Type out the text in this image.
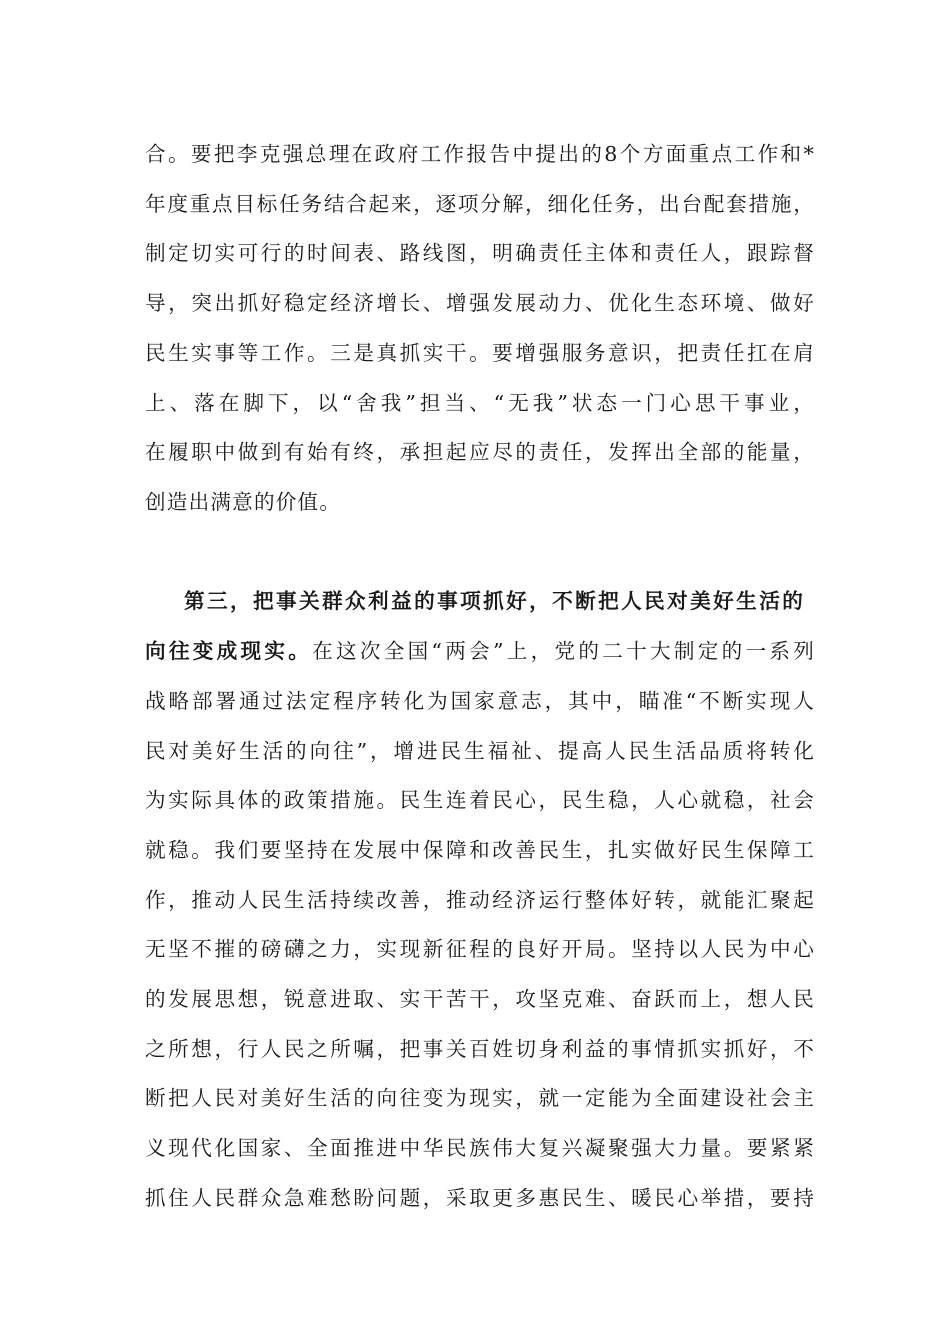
合。要把李克强总理在政府工作报告中提出的8个方面重点工作和*
年度重点目标任务结合起来，逐项分解，细化任务，出台配套措施，
制定切实可行的时间表、路线图，明确责任主体和责任人，跟踪督
导，突出抓好稳定经济增长、增强发展动力、优化生态环境、做好
民生实事等工作。三是真抓实干。要增强服务意识，把责任扛在肩
上、落在脚下，以“舍我”担当、“无我”状态一门心思干事业，
在履职中做到有始有终，承担起应尽的责任，发挥出全部的能量，
创造出满意的价值。
第三，把事关群众利益的事项抓好，不断把人民对美好生活的
向往变成现实。在这次全国“两会”上，党的二十大制定的一系列
战略部署通过法定程序转化为国家意志，其中，瞄准“不断实现人
民对美好生活的向往”，增进民生福祉、提高人民生活品质将转化
为实际具体的政策措施。民生连着民心，民生稳，人心就稳，社会
就稳。我们要坚持在发展中保障和改善民生，扎实做好民生保障工
作，推动人民生活持续改善，推动经济运行整体好转，就能汇聚起
无坚不摧的磅礴之力，实现新征程的良好开局。坚持以人民为中心
的发展思想，锐意进取、实干苦干，攻坚克难、奋跃而上，想人民
之所想，行人民之所嘱，把事关百姓切身利益的事情抓实抓好，不
断把人民对美好生活的向往变为现实，就一定能为全面建设社会主
义现代化国家、全面推进中华民族伟大复兴凝聚强大力量。要紧紧
抓住人民群众急难愁盼问题，采取更多惠民生、暖民心举措，要持
